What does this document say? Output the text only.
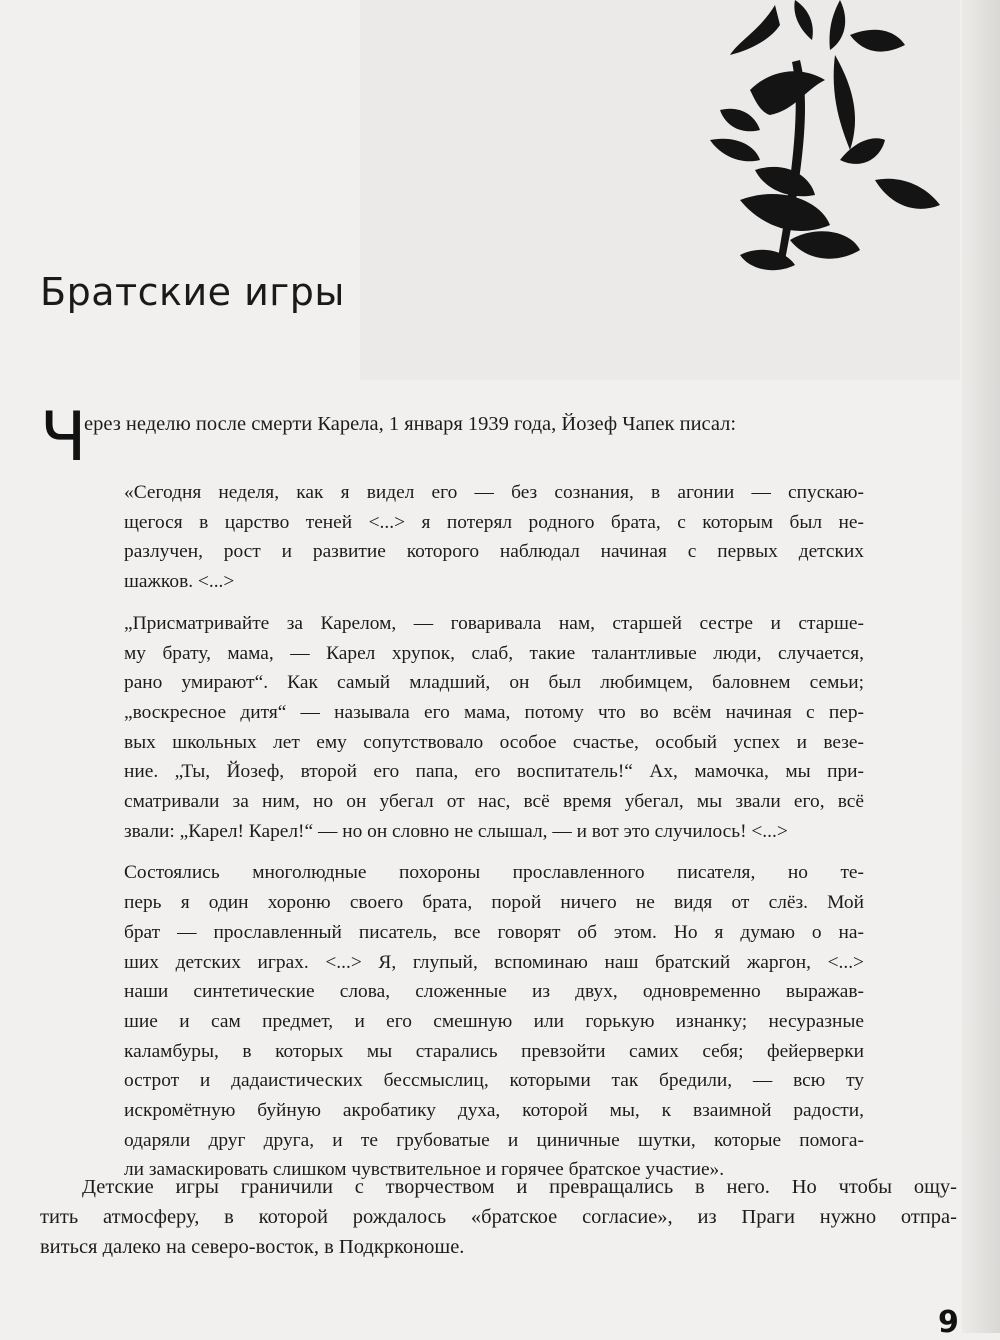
Братские игры
Ч
ерез неделю после смерти Карела, 1 января 1939 года, Йозеф Чапек писал:

«Сегодня неделя, как я видел его — без сознания, в агонии — спускаю-
щегося в царство теней <...> я потерял родного брата, с которым был не-
разлучен, рост и развитие которого наблюдал начиная с первых детских
шажков. <...>

„Присматривайте за Карелом, — говаривала нам, старшей сестре и старше-
му брату, мама, — Карел хрупок, слаб, такие талантливые люди, случается,
рано умирают“. Как самый младший, он был любимцем, баловнем семьи;
„воскресное дитя“ — называла его мама, потому что во всём начиная с пер-
вых школьных лет ему сопутствовало особое счастье, особый успех и везе-
ние. „Ты, Йозеф, второй его папа, его воспитатель!“ Ах, мамочка, мы при-
сматривали за ним, но он убегал от нас, всё время убегал, мы звали его, всё
звали: „Карел! Карел!“ — но он словно не слышал, — и вот это случилось! <...>

Состоялись многолюдные похороны прославленного писателя, но те-
перь я один хороню своего брата, порой ничего не видя от слёз. Мой
брат — прославленный писатель, все говорят об этом. Но я думаю о на-
ших детских играх. <...> Я, глупый, вспоминаю наш братский жаргон, <...>
наши синтетические слова, сложенные из двух, одновременно выражав-
шие и сам предмет, и его смешную или горькую изнанку; несуразные
каламбуры, в которых мы старались превзойти самих себя; фейерверки
острот и дадаистических бессмыслиц, которыми так бредили, — всю ту
искромётную буйную акробатику духа, которой мы, к взаимной радости,
одаряли друг друга, и те грубоватые и циничные шутки, которые помога-
ли замаскировать слишком чувствительное и горячее братское участие».

Детские игры граничили с творчеством и превращались в него. Но чтобы ощу-
тить атмосферу, в которой рождалось «братское согласие», из Праги нужно отпра-
виться далеко на северо-восток, в Подкрконоше.
9
